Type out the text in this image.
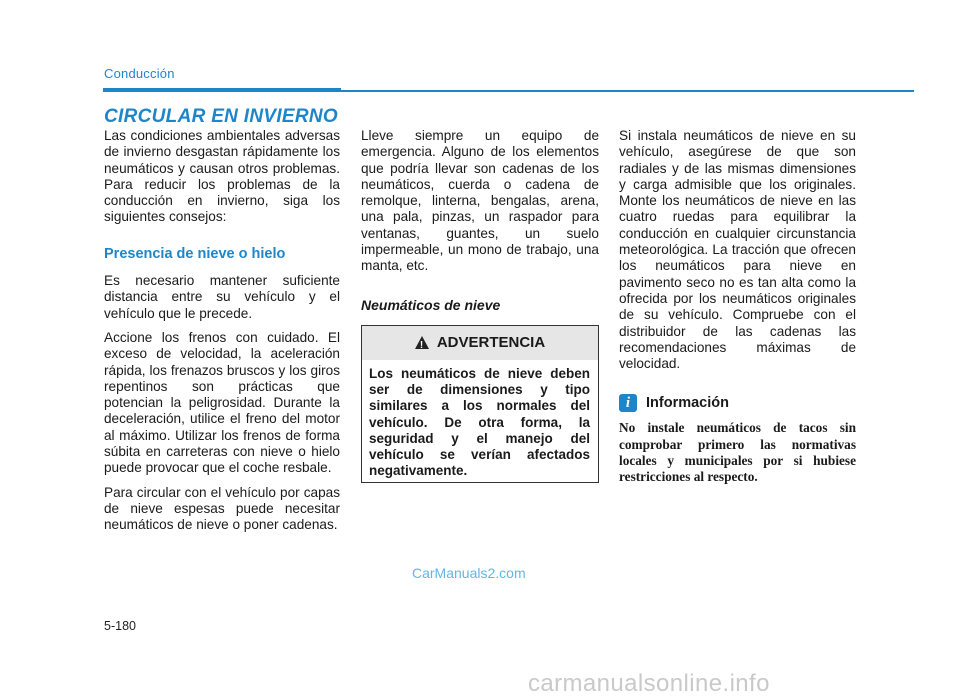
Conducción
CIRCULAR EN INVIERNO

Las condiciones ambientales adversas de invierno desgastan rápidamente los neumáticos y causan otros problemas. Para reducir los problemas de la conducción en invierno, siga los siguientes consejos:

Presencia de nieve o hielo

Es necesario mantener suficiente distancia entre su vehículo y el vehículo que le precede.

Accione los frenos con cuidado. El exceso de velocidad, la aceleración rápida, los frenazos bruscos y los giros repentinos son prácticas que potencian la peligrosidad. Durante la deceleración, utilice el freno del motor al máximo. Utilizar los frenos de forma súbita en carreteras con nieve o hielo puede provocar que el coche resbale.

Para circular con el vehículo por capas de nieve espesas puede necesitar neumáticos de nieve o poner cadenas.

Lleve siempre un equipo de emergencia. Alguno de los elementos que podría llevar son cadenas de los neumáticos, cuerda o cadena de remolque, linterna, bengalas, arena, una pala, pinzas, un raspador para ventanas, guantes, un suelo impermeable, un mono de trabajo, una manta, etc.

Neumáticos de nieve
! ADVERTENCIA
Los neumáticos de nieve deben ser de dimensiones y tipo similares a los normales del vehículo. De otra forma, la seguridad y el manejo del vehículo se verían afectados negativamente.

Si instala neumáticos de nieve en su vehículo, asegúrese de que son radiales y de las mismas dimensiones y carga admisible que los originales. Monte los neumáticos de nieve en las cuatro ruedas para equilibrar la conducción en cualquier circunstancia meteorológica. La tracción que ofrecen los neumáticos para nieve en pavimento seco no es tan alta como la ofrecida por los neumáticos originales de su vehículo. Compruebe con el distribuidor de las cadenas las recomendaciones máximas de velocidad.

i	Información
No instale neumáticos de tacos sin comprobar primero las normativas locales y municipales por si hubiese restricciones al respecto.
CarManuals2.com
5-180
carmanualsonline.info
